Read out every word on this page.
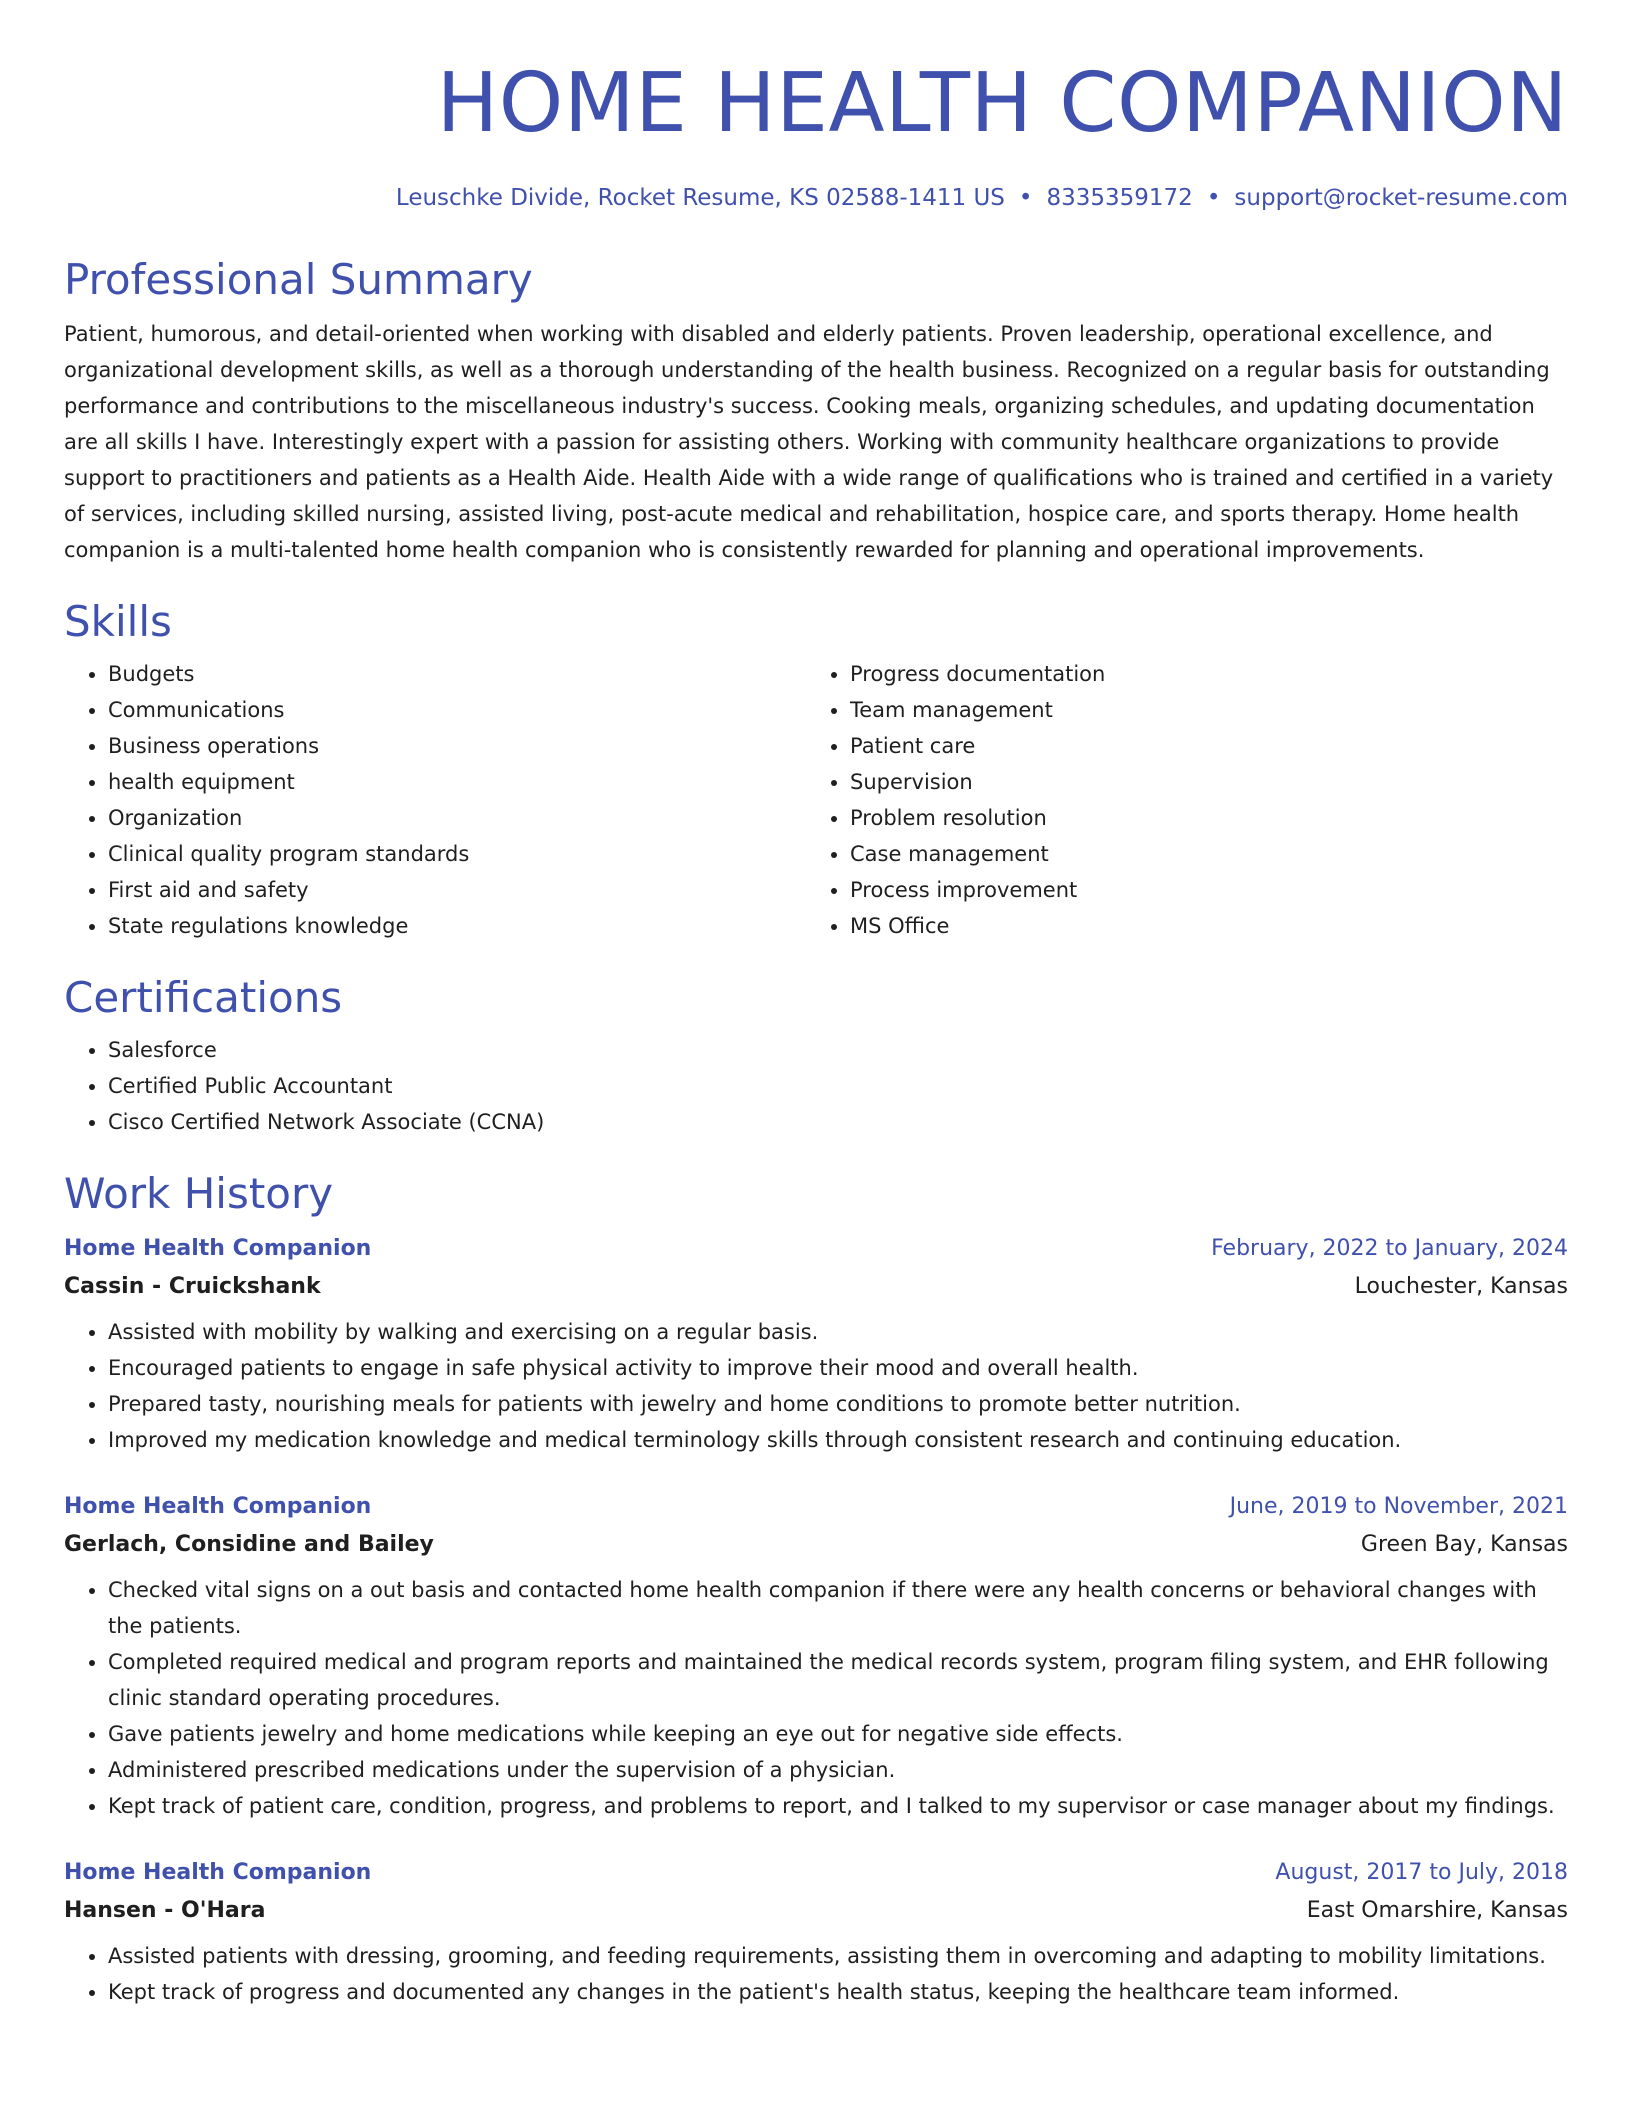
HOME HEALTH COMPANION
Leuschke Divide, Rocket Resume, KS 02588-1411 US • 8335359172 • support@rocket-resume.com
Professional Summary

Patient, humorous, and detail-oriented when working with disabled and elderly patients. Proven leadership, operational excellence, and organizational development skills, as well as a thorough understanding of the health business. Recognized on a regular basis for outstanding performance and contributions to the miscellaneous industry's success. Cooking meals, organizing schedules, and updating documentation are all skills I have. Interestingly expert with a passion for assisting others. Working with community healthcare organizations to provide support to practitioners and patients as a Health Aide. Health Aide with a wide range of qualifications who is trained and certified in a variety of services, including skilled nursing, assisted living, post-acute medical and rehabilitation, hospice care, and sports therapy. Home health companion is a multi-talented home health companion who is consistently rewarded for planning and operational improvements.

Skills
• Budgets
• Communications
• Business operations
• health equipment
• Organization
• Clinical quality program standards
• First aid and safety
• State regulations knowledge
• Progress documentation
• Team management
• Patient care
• Supervision
• Problem resolution
• Case management
• Process improvement
• MS Office
Certifications
• Salesforce
• Certified Public Accountant
• Cisco Certified Network Associate (CCNA)
Work History
Home Health Companion	February, 2022 to January, 2024
Cassin - Cruickshank	Louchester, Kansas
• Assisted with mobility by walking and exercising on a regular basis.
• Encouraged patients to engage in safe physical activity to improve their mood and overall health.
• Prepared tasty, nourishing meals for patients with jewelry and home conditions to promote better nutrition.
• Improved my medication knowledge and medical terminology skills through consistent research and continuing education.
Home Health Companion	June, 2019 to November, 2021
Gerlach, Considine and Bailey	Green Bay, Kansas
• Checked vital signs on a out basis and contacted home health companion if there were any health concerns or behavioral changes with the patients.
• Completed required medical and program reports and maintained the medical records system, program filing system, and EHR following clinic standard operating procedures.
• Gave patients jewelry and home medications while keeping an eye out for negative side effects.
• Administered prescribed medications under the supervision of a physician.
• Kept track of patient care, condition, progress, and problems to report, and I talked to my supervisor or case manager about my findings.
Home Health Companion	August, 2017 to July, 2018
Hansen - O'Hara	East Omarshire, Kansas
• Assisted patients with dressing, grooming, and feeding requirements, assisting them in overcoming and adapting to mobility limitations.
• Kept track of progress and documented any changes in the patient's health status, keeping the healthcare team informed.
